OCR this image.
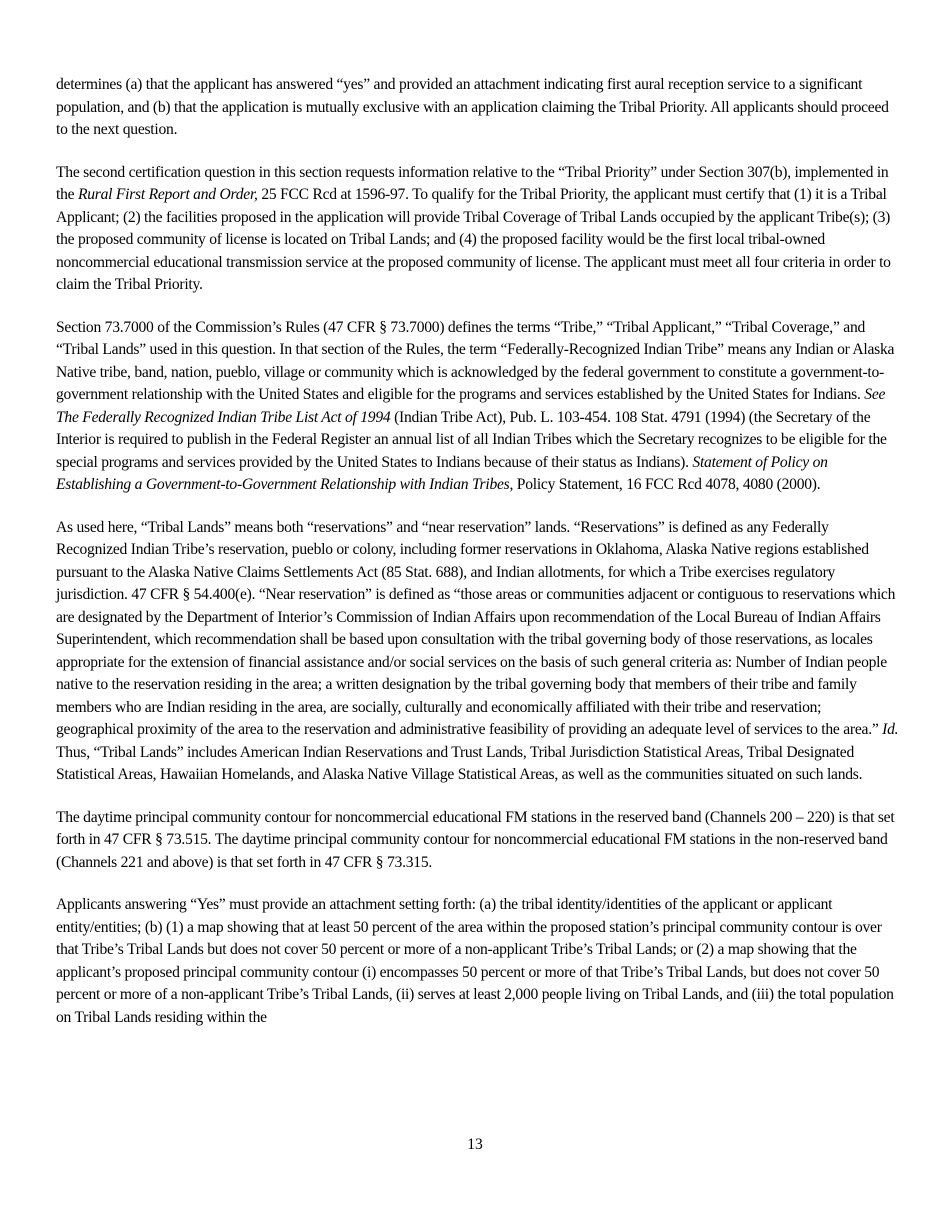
determines (a) that the applicant has answered “yes” and provided an attachment indicating first aural reception service to a significant population, and (b) that the application is mutually exclusive with an application claiming the Tribal Priority. All applicants should proceed to the next question.

The second certification question in this section requests information relative to the “Tribal Priority” under Section 307(b), implemented in the Rural First Report and Order, 25 FCC Rcd at 1596-97. To qualify for the Tribal Priority, the applicant must certify that (1) it is a Tribal Applicant; (2) the facilities proposed in the application will provide Tribal Coverage of Tribal Lands occupied by the applicant Tribe(s); (3) the proposed community of license is located on Tribal Lands; and (4) the proposed facility would be the first local tribal-owned noncommercial educational transmission service at the proposed community of license. The applicant must meet all four criteria in order to claim the Tribal Priority.

Section 73.7000 of the Commission’s Rules (47 CFR § 73.7000) defines the terms “Tribe,” “Tribal Applicant,” “Tribal Coverage,” and “Tribal Lands” used in this question. In that section of the Rules, the term “Federally-Recognized Indian Tribe” means any Indian or Alaska Native tribe, band, nation, pueblo, village or community which is acknowledged by the federal government to constitute a government-to-government relationship with the United States and eligible for the programs and services established by the United States for Indians. See The Federally Recognized Indian Tribe List Act of 1994 (Indian Tribe Act), Pub. L. 103-454. 108 Stat. 4791 (1994) (the Secretary of the Interior is required to publish in the Federal Register an annual list of all Indian Tribes which the Secretary recognizes to be eligible for the special programs and services provided by the United States to Indians because of their status as Indians). Statement of Policy on Establishing a Government-to-Government Relationship with Indian Tribes, Policy Statement, 16 FCC Rcd 4078, 4080 (2000).

As used here, “Tribal Lands” means both “reservations” and “near reservation” lands. “Reservations” is defined as any Federally Recognized Indian Tribe’s reservation, pueblo or colony, including former reservations in Oklahoma, Alaska Native regions established pursuant to the Alaska Native Claims Settlements Act (85 Stat. 688), and Indian allotments, for which a Tribe exercises regulatory jurisdiction. 47 CFR § 54.400(e). “Near reservation” is defined as “those areas or communities adjacent or contiguous to reservations which are designated by the Department of Interior’s Commission of Indian Affairs upon recommendation of the Local Bureau of Indian Affairs Superintendent, which recommendation shall be based upon consultation with the tribal governing body of those reservations, as locales appropriate for the extension of financial assistance and/or social services on the basis of such general criteria as: Number of Indian people native to the reservation residing in the area; a written designation by the tribal governing body that members of their tribe and family members who are Indian residing in the area, are socially, culturally and economically affiliated with their tribe and reservation; geographical proximity of the area to the reservation and administrative feasibility of providing an adequate level of services to the area.” Id. Thus, “Tribal Lands” includes American Indian Reservations and Trust Lands, Tribal Jurisdiction Statistical Areas, Tribal Designated Statistical Areas, Hawaiian Homelands, and Alaska Native Village Statistical Areas, as well as the communities situated on such lands.

The daytime principal community contour for noncommercial educational FM stations in the reserved band (Channels 200 – 220) is that set forth in 47 CFR § 73.515. The daytime principal community contour for noncommercial educational FM stations in the non-reserved band (Channels 221 and above) is that set forth in 47 CFR § 73.315.

Applicants answering “Yes” must provide an attachment setting forth: (a) the tribal identity/identities of the applicant or applicant entity/entities; (b) (1) a map showing that at least 50 percent of the area within the proposed station’s principal community contour is over that Tribe’s Tribal Lands but does not cover 50 percent or more of a non-applicant Tribe’s Tribal Lands; or (2) a map showing that the applicant’s proposed principal community contour (i) encompasses 50 percent or more of that Tribe’s Tribal Lands, but does not cover 50 percent or more of a non-applicant Tribe’s Tribal Lands, (ii) serves at least 2,000 people living on Tribal Lands, and (iii) the total population on Tribal Lands residing within the

13
